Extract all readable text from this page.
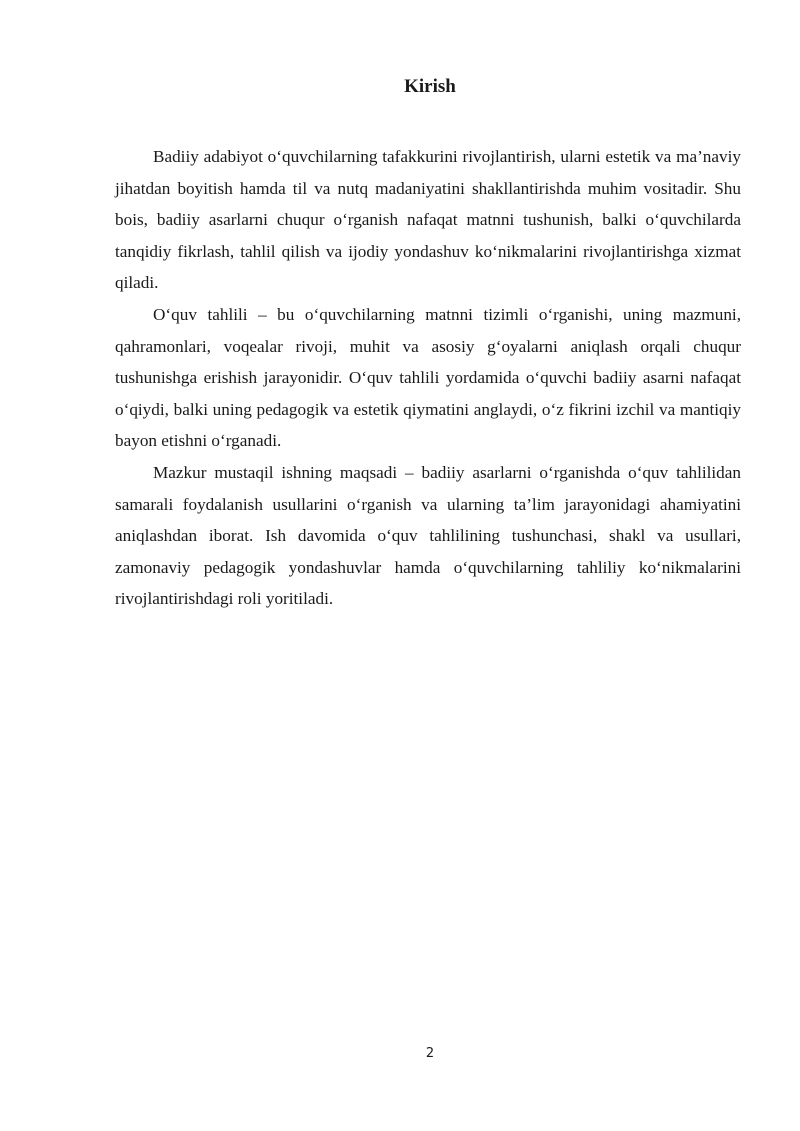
Kirish

Badiiy adabiyot o‘quvchilarning tafakkurini rivojlantirish, ularni estetik va ma’naviy jihatdan boyitish hamda til va nutq madaniyatini shakllantirishda muhim vositadir. Shu bois, badiiy asarlarni chuqur o‘rganish nafaqat matnni tushunish, balki o‘quvchilarda tanqidiy fikrlash, tahlil qilish va ijodiy yondashuv ko‘nikmalarini rivojlantirishga xizmat qiladi.

O‘quv tahlili – bu o‘quvchilarning matnni tizimli o‘rganishi, uning mazmuni, qahramonlari, voqealar rivoji, muhit va asosiy g‘oyalarni aniqlash orqali chuqur tushunishga erishish jarayonidir. O‘quv tahlili yordamida o‘quvchi badiiy asarni nafaqat o‘qiydi, balki uning pedagogik va estetik qiymatini anglaydi, o‘z fikrini izchil va mantiqiy bayon etishni o‘rganadi.

Mazkur mustaqil ishning maqsadi – badiiy asarlarni o‘rganishda o‘quv tahlilidan samarali foydalanish usullarini o‘rganish va ularning ta’lim jarayonidagi ahamiyatini aniqlashdan iborat. Ish davomida o‘quv tahlilining tushunchasi, shakl va usullari, zamonaviy pedagogik yondashuvlar hamda o‘quvchilarning tahliliy ko‘nikmalarini rivojlantirishdagi roli yoritiladi.

2
